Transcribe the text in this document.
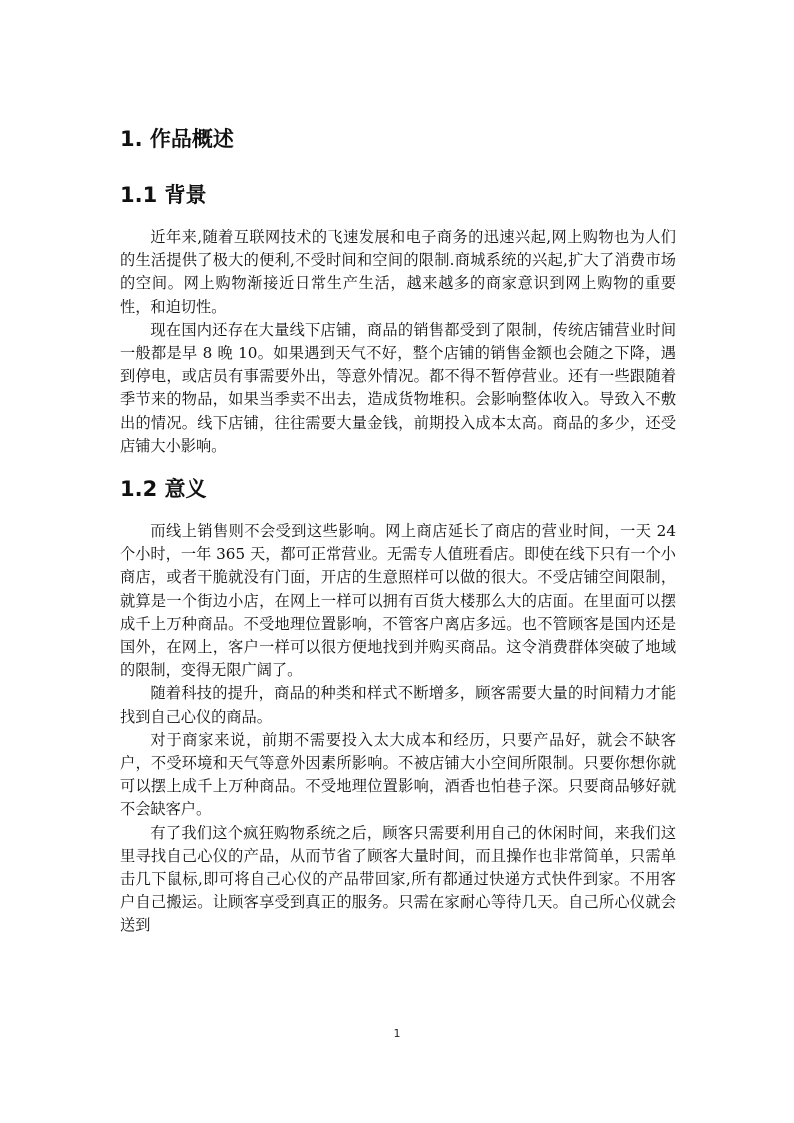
1. 作品概述
1.1 背景

近年来,随着互联网技术的飞速发展和电子商务的迅速兴起,网上购物也为人们的生活提供了极大的便利,不受时间和空间的限制.商城系统的兴起,扩大了消费市场的空间。网上购物渐接近日常生产生活，越来越多的商家意识到网上购物的重要性，和迫切性。

现在国内还存在大量线下店铺，商品的销售都受到了限制，传统店铺营业时间一般都是早 8 晚 10。如果遇到天气不好，整个店铺的销售金额也会随之下降，遇到停电，或店员有事需要外出，等意外情况。都不得不暂停营业。还有一些跟随着季节来的物品，如果当季卖不出去，造成货物堆积。会影响整体收入。导致入不敷出的情况。线下店铺，往往需要大量金钱，前期投入成本太高。商品的多少，还受店铺大小影响。

1.2 意义

而线上销售则不会受到这些影响。网上商店延长了商店的营业时间，一天 24 个小时，一年 365 天，都可正常营业。无需专人值班看店。即使在线下只有一个小商店，或者干脆就没有门面，开店的生意照样可以做的很大。不受店铺空间限制，就算是一个街边小店，在网上一样可以拥有百货大楼那么大的店面。在里面可以摆成千上万种商品。不受地理位置影响，不管客户离店多远。也不管顾客是国内还是国外，在网上，客户一样可以很方便地找到并购买商品。这令消费群体突破了地域的限制，变得无限广阔了。

随着科技的提升，商品的种类和样式不断增多，顾客需要大量的时间精力才能找到自己心仪的商品。

对于商家来说，前期不需要投入太大成本和经历，只要产品好，就会不缺客户，不受环境和天气等意外因素所影响。不被店铺大小空间所限制。只要你想你就可以摆上成千上万种商品。不受地理位置影响，酒香也怕巷子深。只要商品够好就不会缺客户。

有了我们这个疯狂购物系统之后，顾客只需要利用自己的休闲时间，来我们这里寻找自己心仪的产品，从而节省了顾客大量时间，而且操作也非常简单，只需单击几下鼠标,即可将自己心仪的产品带回家,所有都通过快递方式快件到家。不用客户自己搬运。让顾客享受到真正的服务。只需在家耐心等待几天。自己所心仪就会送到

1
